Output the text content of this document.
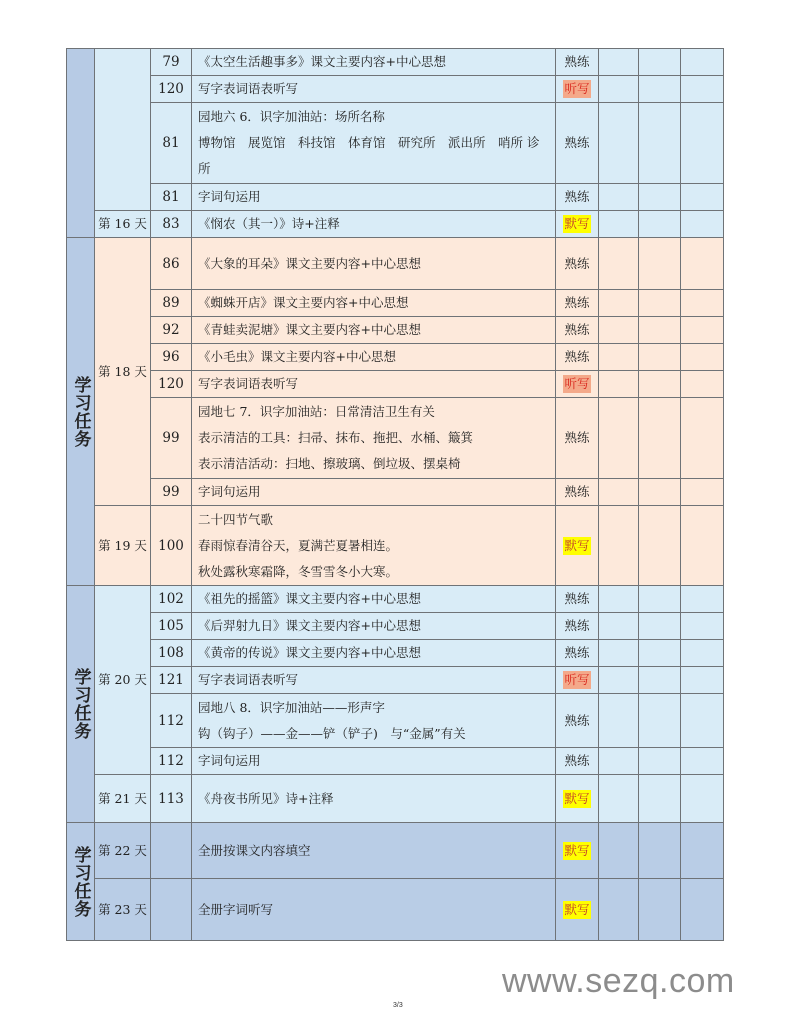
		79	《太空生活趣事多》课文主要内容+中心思想	熟练			
		120	写字表词语表听写	听写			
		81	园地六 6．识字加油站：场所名称
博物馆　展览馆　科技馆　体育馆　研究所　派出所　哨所 诊
所	熟练			
		81	字词句运用	熟练			
	第 16 天	83	《悯农（其一）》诗+注释	默写			

学习任务	第 18 天	86	《大象的耳朵》课文主要内容+中心思想	熟练			
		89	《蜘蛛开店》课文主要内容+中心思想	熟练			
		92	《青蛙卖泥塘》课文主要内容+中心思想	熟练			
		96	《小毛虫》课文主要内容+中心思想	熟练			
		120	写字表词语表听写	听写			
		99	园地七 7．识字加油站：日常清洁卫生有关
表示清洁的工具：扫帚、抹布、拖把、水桶、簸箕
表示清洁活动：扫地、擦玻璃、倒垃圾、摆桌椅	熟练			
		99	字词句运用	熟练			
	第 19 天	100	二十四节气歌
春雨惊春清谷天，夏满芒夏暑相连。
秋处露秋寒霜降，冬雪雪冬小大寒。	默写			

学习任务	第 20 天	102	《祖先的摇篮》课文主要内容+中心思想	熟练			
		105	《后羿射九日》课文主要内容+中心思想	熟练			
		108	《黄帝的传说》课文主要内容+中心思想	熟练			
		121	写字表词语表听写	听写			
		112	园地八 8．识字加油站——形声字
钩（钩子）——金——铲（铲子)　与“金属”有关	熟练			
		112	字词句运用	熟练			
	第 21 天	113	《舟夜书所见》诗+注释	默写			

学习任务	第 22 天		全册按课文内容填空	默写			
	第 23 天		全册字词听写	默写			
www.sezq.com
3/3
